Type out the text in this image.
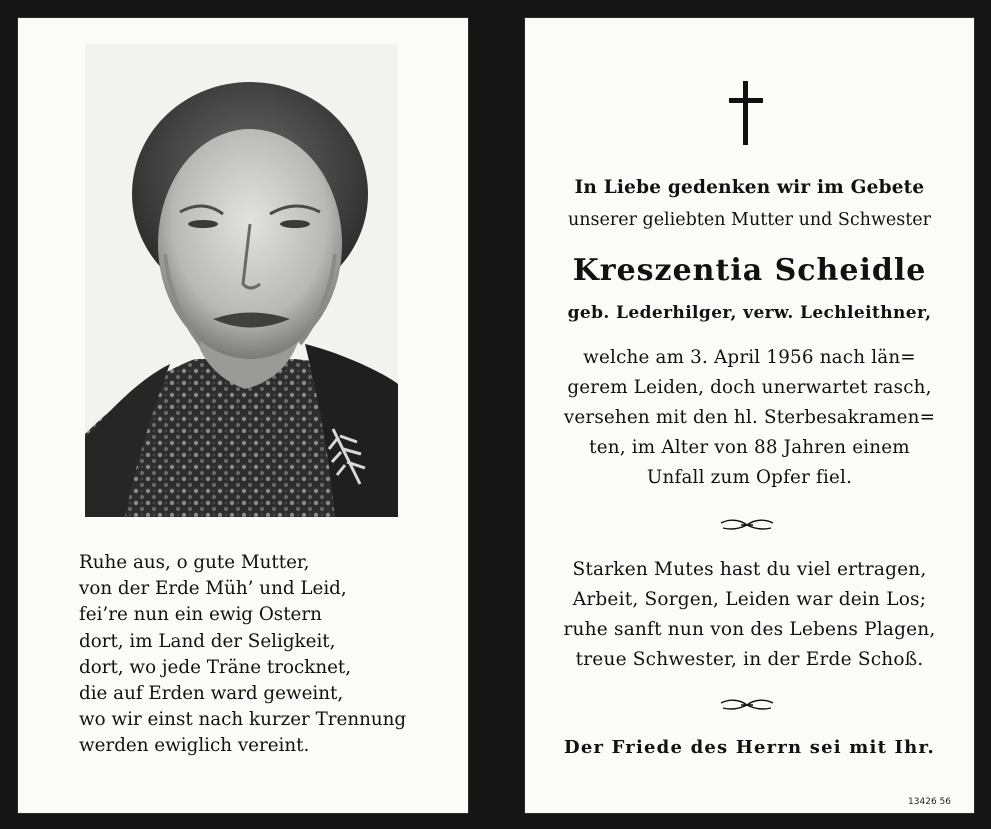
Ruhe aus, o gute Mutter,
von der Erde Müh’ und Leid,
fei’re nun ein ewig Ostern
dort, im Land der Seligkeit,
dort, wo jede Träne trocknet,
die auf Erden ward geweint,
wo wir einst nach kurzer Trennung
werden ewiglich vereint.
In Liebe gedenken wir im Gebete
unserer geliebten Mutter und Schwester
Kreszentia Scheidle
geb. Lederhilger, verw. Lechleithner,
welche am 3. April 1956 nach län=
gerem Leiden, doch unerwartet rasch,
versehen mit den hl. Sterbesakramen=
ten, im Alter von 88 Jahren einem
Unfall zum Opfer fiel.
Starken Mutes hast du viel ertragen,
Arbeit, Sorgen, Leiden war dein Los;
ruhe sanft nun von des Lebens Plagen,
treue Schwester, in der Erde Schoß.
Der Friede des Herrn sei mit Ihr.
13426 56
